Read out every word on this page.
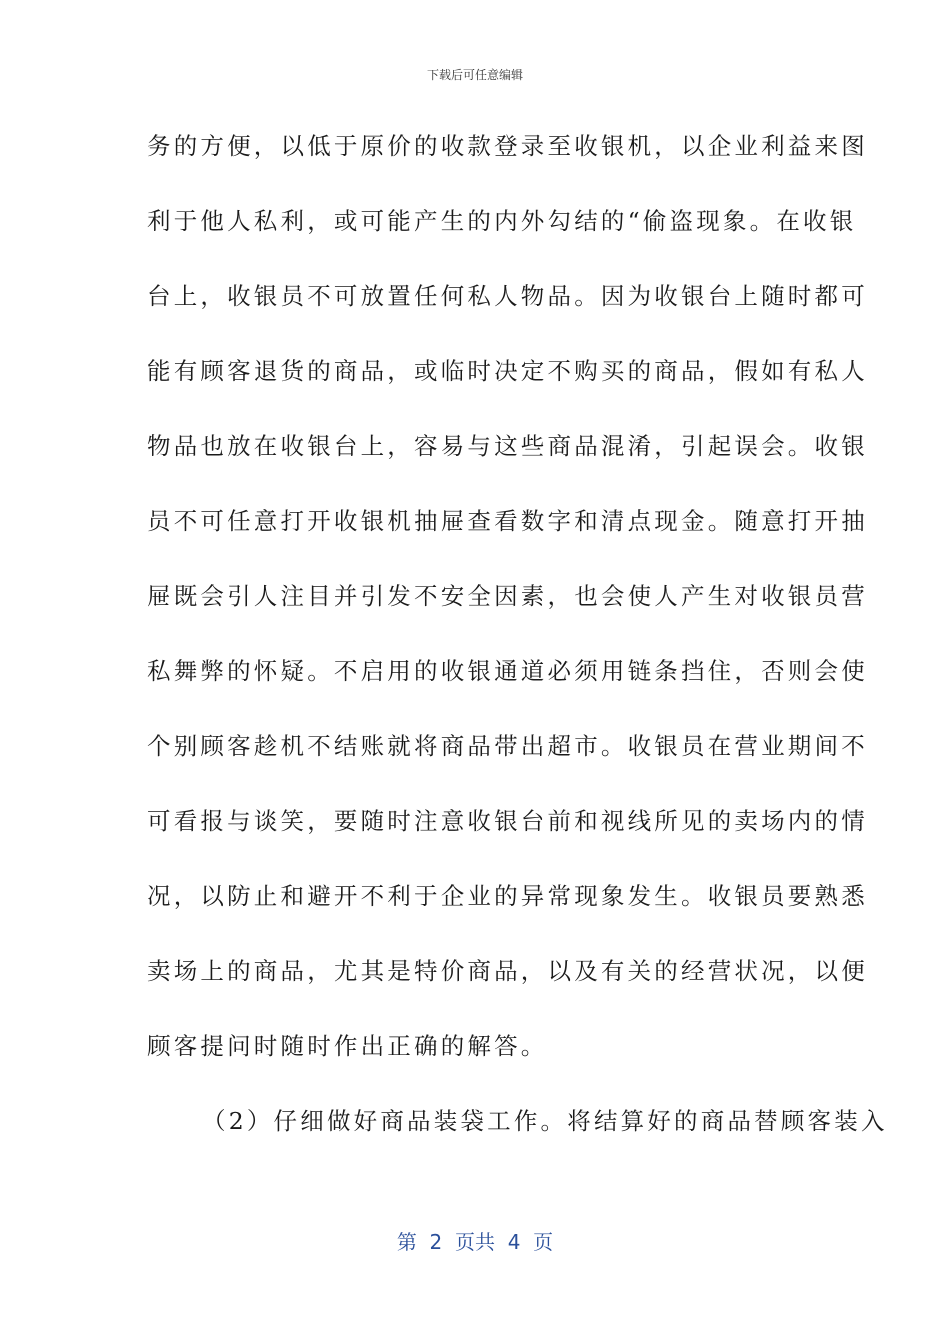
下载后可任意编辑
务的方便，以低于原价的收款登录至收银机，以企业利益来图
利于他人私利，或可能产生的内外勾结的“偷盗现象。在收银
台上，收银员不可放置任何私人物品。因为收银台上随时都可
能有顾客退货的商品，或临时决定不购买的商品，假如有私人
物品也放在收银台上，容易与这些商品混淆，引起误会。收银
员不可任意打开收银机抽屉查看数字和清点现金。随意打开抽
屉既会引人注目并引发不安全因素，也会使人产生对收银员营
私舞弊的怀疑。不启用的收银通道必须用链条挡住，否则会使
个别顾客趁机不结账就将商品带出超市。收银员在营业期间不
可看报与谈笑，要随时注意收银台前和视线所见的卖场内的情
况，以防止和避开不利于企业的异常现象发生。收银员要熟悉
卖场上的商品，尤其是特价商品，以及有关的经营状况，以便
顾客提问时随时作出正确的解答。
（2）仔细做好商品装袋工作。将结算好的商品替顾客装入
第  2  页共  4  页
